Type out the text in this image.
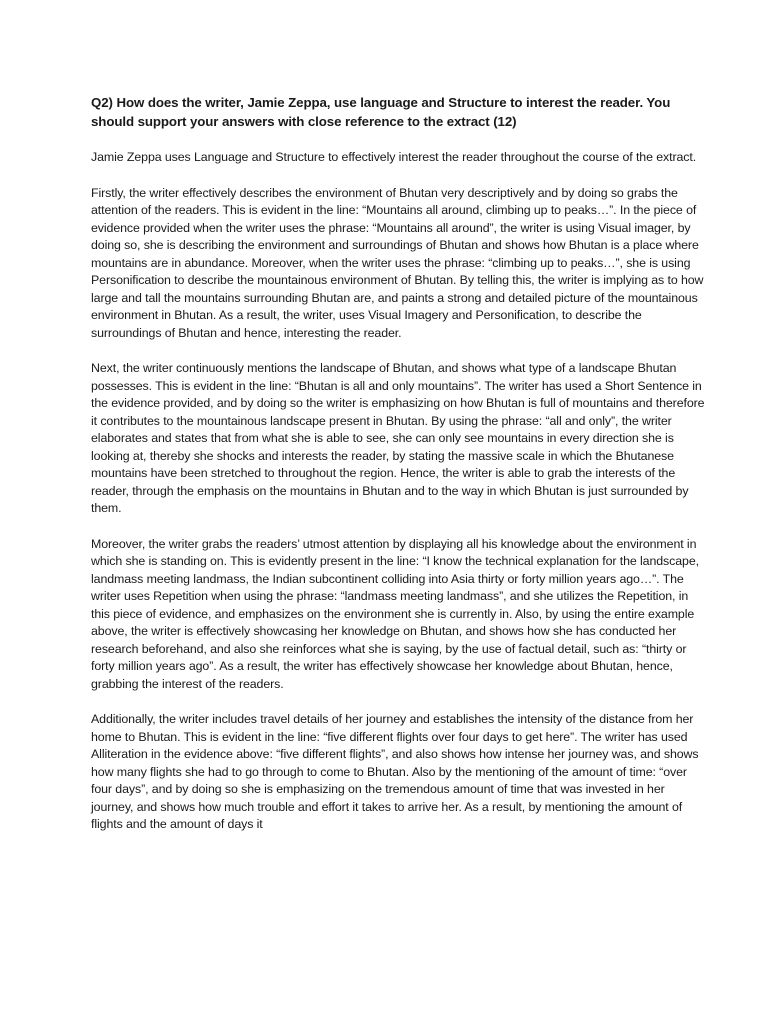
Q2) How does the writer, Jamie Zeppa, use language and Structure to interest the reader. You should support your answers with close reference to the extract (12)

Jamie Zeppa uses Language and Structure to effectively interest the reader throughout the course of the extract.

Firstly, the writer effectively describes the environment of Bhutan very descriptively and by doing so grabs the attention of the readers. This is evident in the line: “Mountains all around, climbing up to peaks…”. In the piece of evidence provided when the writer uses the phrase: “Mountains all around”, the writer is using Visual imager, by doing so, she is describing the environment and surroundings of Bhutan and shows how Bhutan is a place where mountains are in abundance. Moreover, when the writer uses the phrase: “climbing up to peaks…”, she is using Personification to describe the mountainous environment of Bhutan. By telling this, the writer is implying as to how large and tall the mountains surrounding Bhutan are, and paints a strong and detailed picture of the mountainous environment in Bhutan. As a result, the writer, uses Visual Imagery and Personification, to describe the surroundings of Bhutan and hence, interesting the reader.

Next, the writer continuously mentions the landscape of Bhutan, and shows what type of a landscape Bhutan possesses. This is evident in the line: “Bhutan is all and only mountains”. The writer has used a Short Sentence in the evidence provided, and by doing so the writer is emphasizing on how Bhutan is full of mountains and therefore it contributes to the mountainous landscape present in Bhutan. By using the phrase: “all and only”, the writer elaborates and states that from what she is able to see, she can only see mountains in every direction she is looking at, thereby she shocks and interests the reader, by stating the massive scale in which the Bhutanese mountains have been stretched to throughout the region. Hence, the writer is able to grab the interests of the reader, through the emphasis on the mountains in Bhutan and to the way in which Bhutan is just surrounded by them.

Moreover, the writer grabs the readers’ utmost attention by displaying all his knowledge about the environment in which she is standing on. This is evidently present in the line: “I know the technical explanation for the landscape, landmass meeting landmass, the Indian subcontinent colliding into Asia thirty or forty million years ago…”. The writer uses Repetition when using the phrase: “landmass meeting landmass”, and she utilizes the Repetition, in this piece of evidence, and emphasizes on the environment she is currently in. Also, by using the entire example above, the writer is effectively showcasing her knowledge on Bhutan, and shows how she has conducted her research beforehand, and also she reinforces what she is saying, by the use of factual detail, such as: “thirty or forty million years ago”. As a result, the writer has effectively showcase her knowledge about Bhutan, hence, grabbing the interest of the readers.

Additionally, the writer includes travel details of her journey and establishes the intensity of the distance from her home to Bhutan. This is evident in the line: “five different flights over four days to get here”. The writer has used Alliteration in the evidence above: “five different flights”, and also shows how intense her journey was, and shows how many flights she had to go through to come to Bhutan. Also by the mentioning of the amount of time: “over four days”, and by doing so she is emphasizing on the tremendous amount of time that was invested in her journey, and shows how much trouble and effort it takes to arrive her. As a result, by mentioning the amount of flights and the amount of days it
